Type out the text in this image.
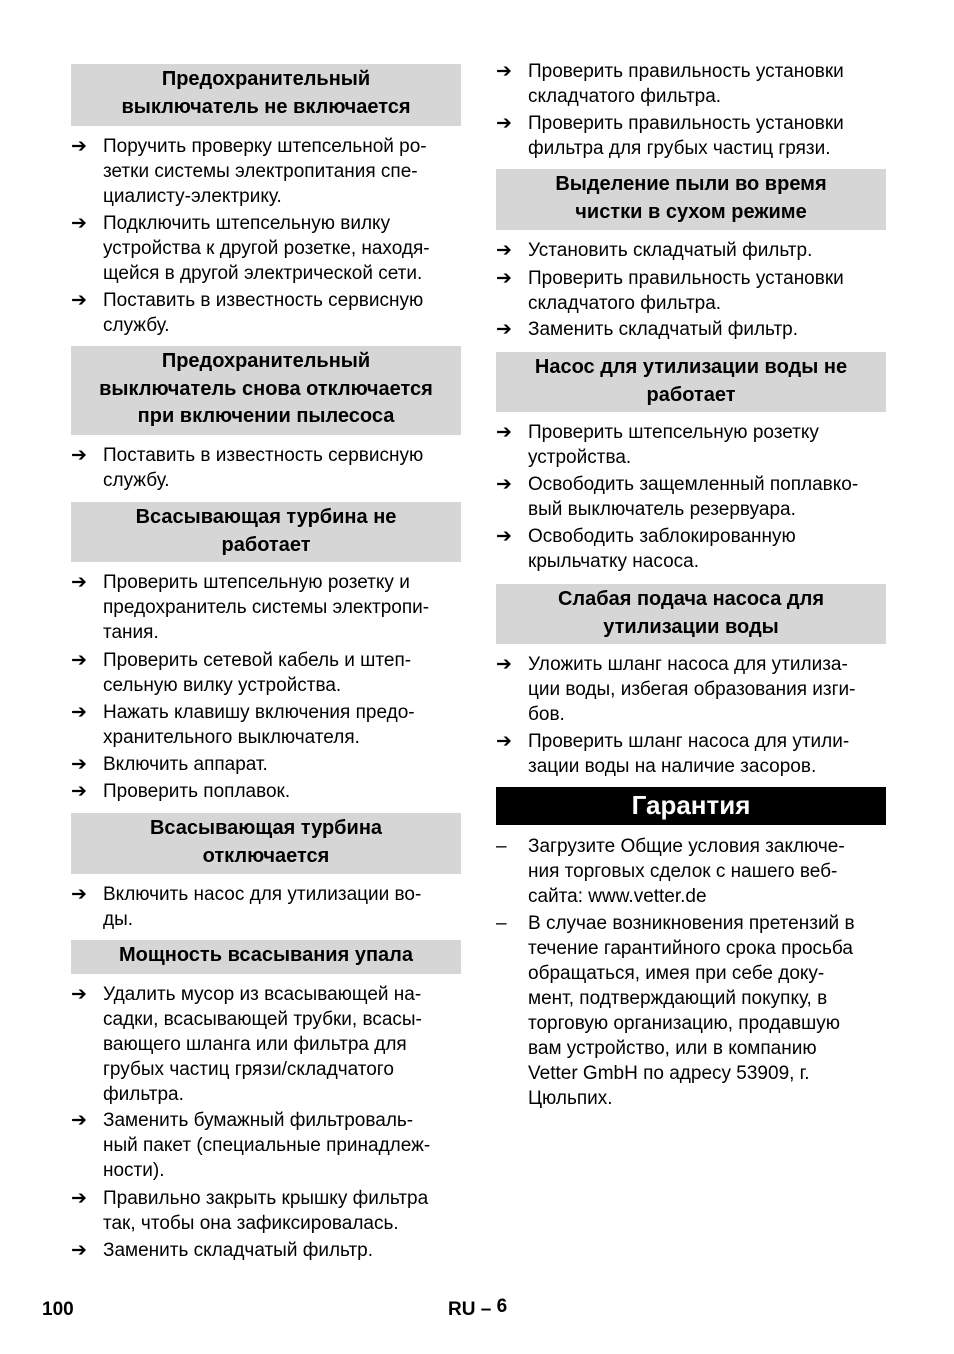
Предохранительный
выключатель не включается
➔ Поручить проверку штепсельной ро-
зетки системы электропитания спе-
циалисту-электрику.
➔ Подключить штепсельную вилку
устройства к другой розетке, находя-
щейся в другой электрической сети.
➔ Поставить в известность сервисную
службу.
Предохранительный
выключатель снова отключается
при включении пылесоса
➔ Поставить в известность сервисную
службу.
Всасывающая турбина не
работает
➔ Проверить штепсельную розетку и
предохранитель системы электропи-
тания.
➔ Проверить сетевой кабель и штеп-
сельную вилку устройства.
➔ Нажать клавишу включения предо-
хранительного выключателя.
➔ Включить аппарат.
➔ Проверить поплавок.
Всасывающая турбина
отключается
➔ Включить насос для утилизации во-
ды.
Мощность всасывания упала
➔ Удалить мусор из всасывающей на-
садки, всасывающей трубки, всасы-
вающего шланга или фильтра для
грубых частиц грязи/складчатого
фильтра.
➔ Заменить бумажный фильтроваль-
ный пакет (специальные принадлеж-
ности).
➔ Правильно закрыть крышку фильтра
так, чтобы она зафиксировалась.
➔ Заменить складчатый фильтр.
➔ Проверить правильность установки
складчатого фильтра.
➔ Проверить правильность установки
фильтра для грубых частиц грязи.
Выделение пыли во время
чистки в сухом режиме
➔ Установить складчатый фильтр.
➔ Проверить правильность установки
складчатого фильтра.
➔ Заменить складчатый фильтр.
Насос для утилизации воды не
работает
➔ Проверить штепсельную розетку
устройства.
➔ Освободить защемленный поплавко-
вый выключатель резервуара.
➔ Освободить заблокированную
крыльчатку насоса.
Слабая подача насоса для
утилизации воды
➔ Уложить шланг насоса для утилиза-
ции воды, избегая образования изги-
бов.
➔ Проверить шланг насоса для утили-
зации воды на наличие засоров.
Гарантия
–	Загрузите Общие условия заключе-
ния торговых сделок с нашего веб-
сайта: www.vetter.de
–	В случае возникновения претензий в
течение гарантийного срока просьба
обращаться, имея при себе доку-
мент, подтверждающий покупку, в
торговую организацию, продавшую
вам устройство, или в компанию
Vetter GmbH по адресу 53909, г.
Цюльпих.
100	RU – 6
